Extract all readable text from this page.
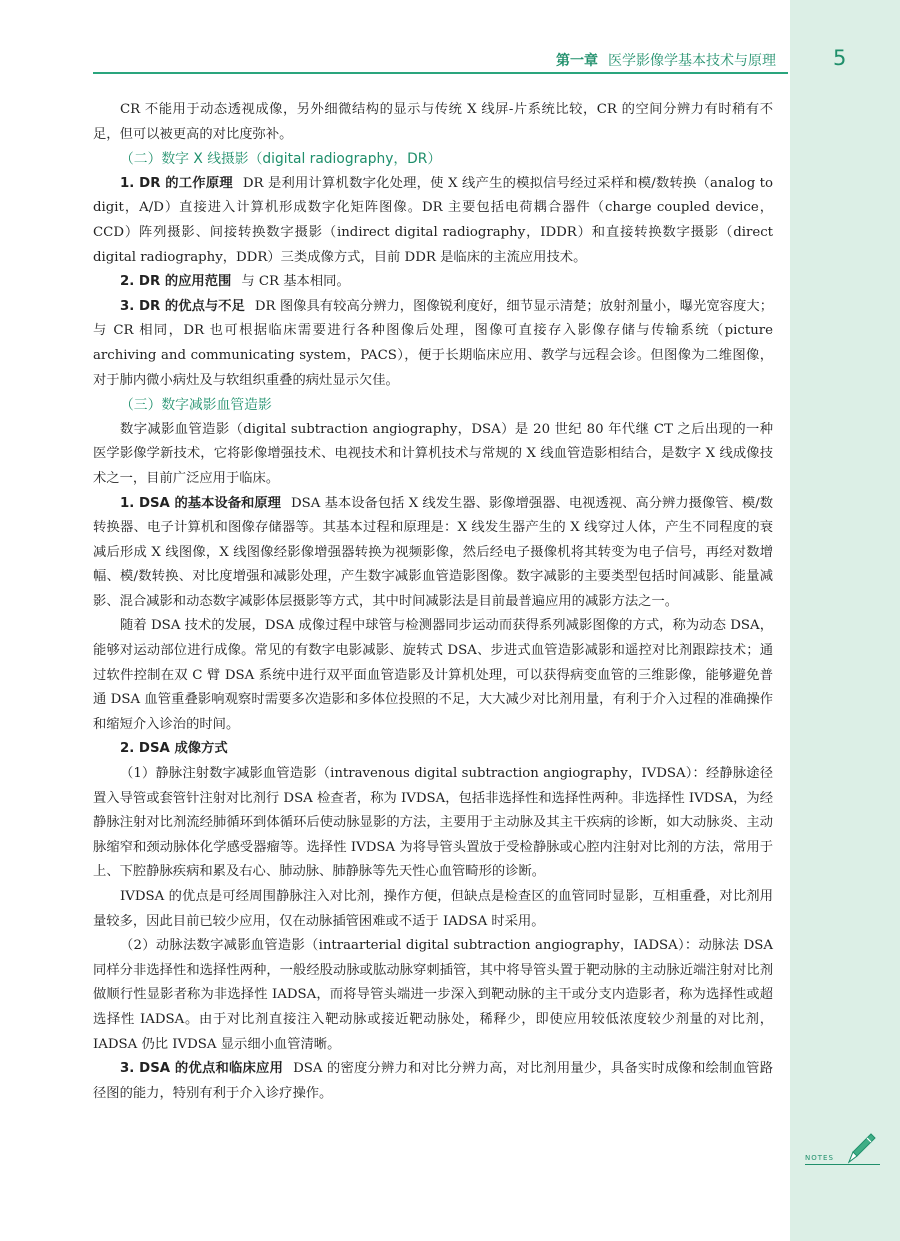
第一章 医学影像学基本技术与原理	5

CR 不能用于动态透视成像，另外细微结构的显示与传统 X 线屏-片系统比较，CR 的空间分辨力有时稍有不足，但可以被更高的对比度弥补。

（二）数字 X 线摄影（digital radiography，DR）

1. DR 的工作原理 DR 是利用计算机数字化处理，使 X 线产生的模拟信号经过采样和模/数转换（analog to digit，A/D）直接进入计算机形成数字化矩阵图像。DR 主要包括电荷耦合器件（charge coupled device，CCD）阵列摄影、间接转换数字摄影（indirect digital radiography，IDDR）和直接转换数字摄影（direct digital radiography，DDR）三类成像方式，目前 DDR 是临床的主流应用技术。

2. DR 的应用范围 与 CR 基本相同。

3. DR 的优点与不足 DR 图像具有较高分辨力，图像锐利度好，细节显示清楚；放射剂量小，曝光宽容度大；与 CR 相同，DR 也可根据临床需要进行各种图像后处理，图像可直接存入影像存储与传输系统（picture archiving and communicating system，PACS），便于长期临床应用、教学与远程会诊。但图像为二维图像，对于肺内微小病灶及与软组织重叠的病灶显示欠佳。

（三）数字减影血管造影

数字减影血管造影（digital subtraction angiography，DSA）是 20 世纪 80 年代继 CT 之后出现的一种医学影像学新技术，它将影像增强技术、电视技术和计算机技术与常规的 X 线血管造影相结合，是数字 X 线成像技术之一，目前广泛应用于临床。

1. DSA 的基本设备和原理 DSA 基本设备包括 X 线发生器、影像增强器、电视透视、高分辨力摄像管、模/数转换器、电子计算机和图像存储器等。其基本过程和原理是：X 线发生器产生的 X 线穿过人体，产生不同程度的衰减后形成 X 线图像，X 线图像经影像增强器转换为视频影像，然后经电子摄像机将其转变为电子信号，再经对数增幅、模/数转换、对比度增强和减影处理，产生数字减影血管造影图像。数字减影的主要类型包括时间减影、能量减影、混合减影和动态数字减影体层摄影等方式，其中时间减影法是目前最普遍应用的减影方法之一。

随着 DSA 技术的发展，DSA 成像过程中球管与检测器同步运动而获得系列减影图像的方式，称为动态 DSA，能够对运动部位进行成像。常见的有数字电影减影、旋转式 DSA、步进式血管造影减影和遥控对比剂跟踪技术；通过软件控制在双 C 臂 DSA 系统中进行双平面血管造影及计算机处理，可以获得病变血管的三维影像，能够避免普通 DSA 血管重叠影响观察时需要多次造影和多体位投照的不足，大大减少对比剂用量，有利于介入过程的准确操作和缩短介入诊治的时间。

2. DSA 成像方式

（1）静脉注射数字减影血管造影（intravenous digital subtraction angiography，IVDSA）：经静脉途径置入导管或套管针注射对比剂行 DSA 检查者，称为 IVDSA，包括非选择性和选择性两种。非选择性 IVDSA，为经静脉注射对比剂流经肺循环到体循环后使动脉显影的方法，主要用于主动脉及其主干疾病的诊断，如大动脉炎、主动脉缩窄和颈动脉体化学感受器瘤等。选择性 IVDSA 为将导管头置放于受检静脉或心腔内注射对比剂的方法，常用于上、下腔静脉疾病和累及右心、肺动脉、肺静脉等先天性心血管畸形的诊断。

IVDSA 的优点是可经周围静脉注入对比剂，操作方便，但缺点是检查区的血管同时显影，互相重叠，对比剂用量较多，因此目前已较少应用，仅在动脉插管困难或不适于 IADSA 时采用。

（2）动脉法数字减影血管造影（intraarterial digital subtraction angiography，IADSA）：动脉法 DSA 同样分非选择性和选择性两种，一般经股动脉或肱动脉穿刺插管，其中将导管头置于靶动脉的主动脉近端注射对比剂做顺行性显影者称为非选择性 IADSA，而将导管头端进一步深入到靶动脉的主干或分支内造影者，称为选择性或超选择性 IADSA。由于对比剂直接注入靶动脉或接近靶动脉处，稀释少，即使应用较低浓度较少剂量的对比剂，IADSA 仍比 IVDSA 显示细小血管清晰。

3. DSA 的优点和临床应用 DSA 的密度分辨力和对比分辨力高，对比剂用量少，具备实时成像和绘制血管路径图的能力，特别有利于介入诊疗操作。

NOTES
